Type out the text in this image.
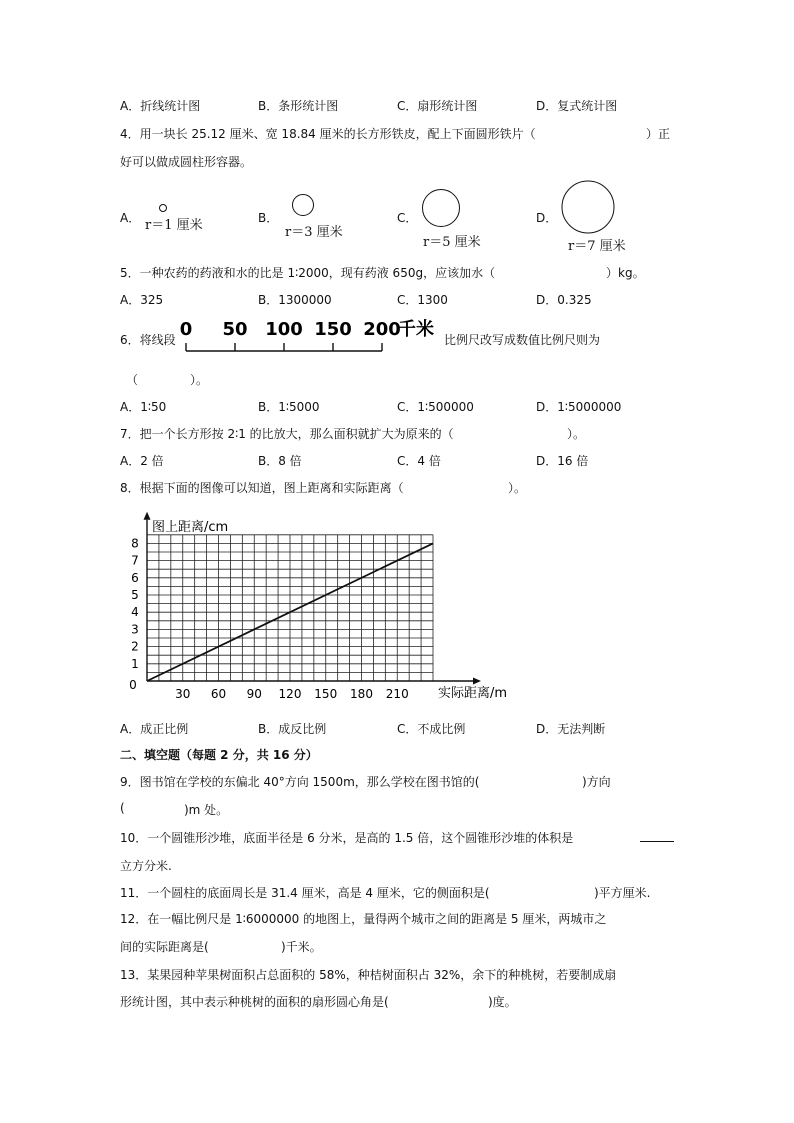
A．折线统计图	B．条形统计图	C．扇形统计图	D．复式统计图
4．用一块长 25.12 厘米、宽 18.84 厘米的长方形铁皮，配上下面圆形铁片（	）正
好可以做成圆柱形容器。
A．	B．	C．	D．
r＝1 厘米	r＝3 厘米
r＝5 厘米	r＝7 厘米
5．一种农药的药液和水的比是 1∶2000，现有药液 650g，应该加水（	）kg。
A．325	B．1300000	C．1300	D．0.325
6．将线段 0 50 100 150 200
千米 比例尺改写成数值比例尺则为
（	）。
A．1∶50	B．1∶5000	C．1∶500000	D．1∶5000000
7．把一个长方形按 2∶1 的比放大，那么面积就扩大为原来的（	）。
A．2 倍	B．8 倍	C．4 倍	D．16 倍
8．根据下面的图像可以知道，图上距离和实际距离（	）。
30 60 90 120 150 180 210
1
2
3
4
5
6
7
8
0
图上距离/cm
实际距离/m
A．成正比例	B．成反比例	C．不成比例	D．无法判断
二、填空题（每题 2 分，共 16 分）
9．图书馆在学校的东偏北 40°方向 1500m，那么学校在图书馆的(	)方向
(	)m 处。
10．一个圆锥形沙堆，底面半径是 6 分米，是高的 1.5 倍，这个圆锥形沙堆的体积是
立方分米.
11．一个圆柱的底面周长是 31.4 厘米，高是 4 厘米，它的侧面积是(	)平方厘米.
12．在一幅比例尺是 1∶6000000 的地图上，量得两个城市之间的距离是 5 厘米，两城市之
间的实际距离是(	)千米。
13．某果园种苹果树面积占总面积的 58%，种桔树面积占 32%，余下的种桃树，若要制成扇
形统计图，其中表示种桃树的面积的扇形圆心角是(	)度。
